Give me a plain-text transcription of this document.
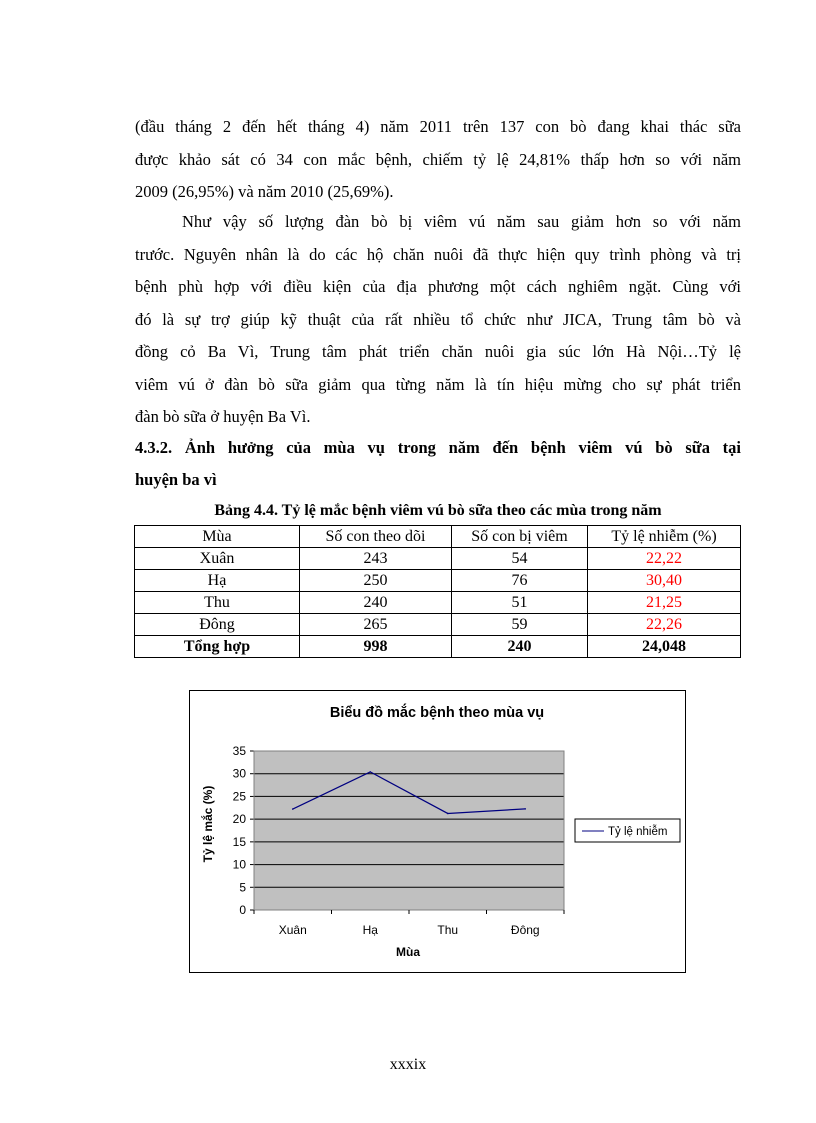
(đầu tháng 2 đến hết tháng 4) năm 2011 trên 137 con bò đang khai thác sữa
được khảo sát có 34 con mắc bệnh, chiếm tỷ lệ 24,81% thấp hơn so với năm
2009 (26,95%) và năm 2010 (25,69%).
Như vậy số lượng đàn bò bị viêm vú năm sau giảm hơn so với năm
trước. Nguyên nhân là do các hộ chăn nuôi đã thực hiện quy trình phòng và trị
bệnh phù hợp với điều kiện của địa phương một cách nghiêm ngặt. Cùng với
đó là sự trợ giúp kỹ thuật của rất nhiều tổ chức như JICA, Trung tâm bò và
đồng cỏ Ba Vì, Trung tâm phát triển chăn nuôi gia súc lớn Hà Nội…Tỷ lệ
viêm vú ở đàn bò sữa giảm qua từng năm là tín hiệu mừng cho sự phát triển
đàn bò sữa ở huyện Ba Vì.
4.3.2. Ảnh hưởng của mùa vụ trong năm đến bệnh viêm vú bò sữa tại
huyện ba vì
Bảng 4.4. Tỷ lệ mắc bệnh viêm vú bò sữa theo các mùa trong năm
Mùa	Số con theo dõi	Số con bị viêm	Tỷ lệ nhiễm (%)
Xuân	243	54	22,22
Hạ	250	76	30,40
Thu	240	51	21,25
Đông	265	59	22,26
Tổng hợp	998	240	24,048
Biểu đồ mắc bệnh theo mùa vụ
0
5
10
15
20
25
30
35
Xuân	Hạ	Thu	Đông
Tỷ lệ mắc (%)
Mùa
Tỷ lệ nhiễm
xxxix
